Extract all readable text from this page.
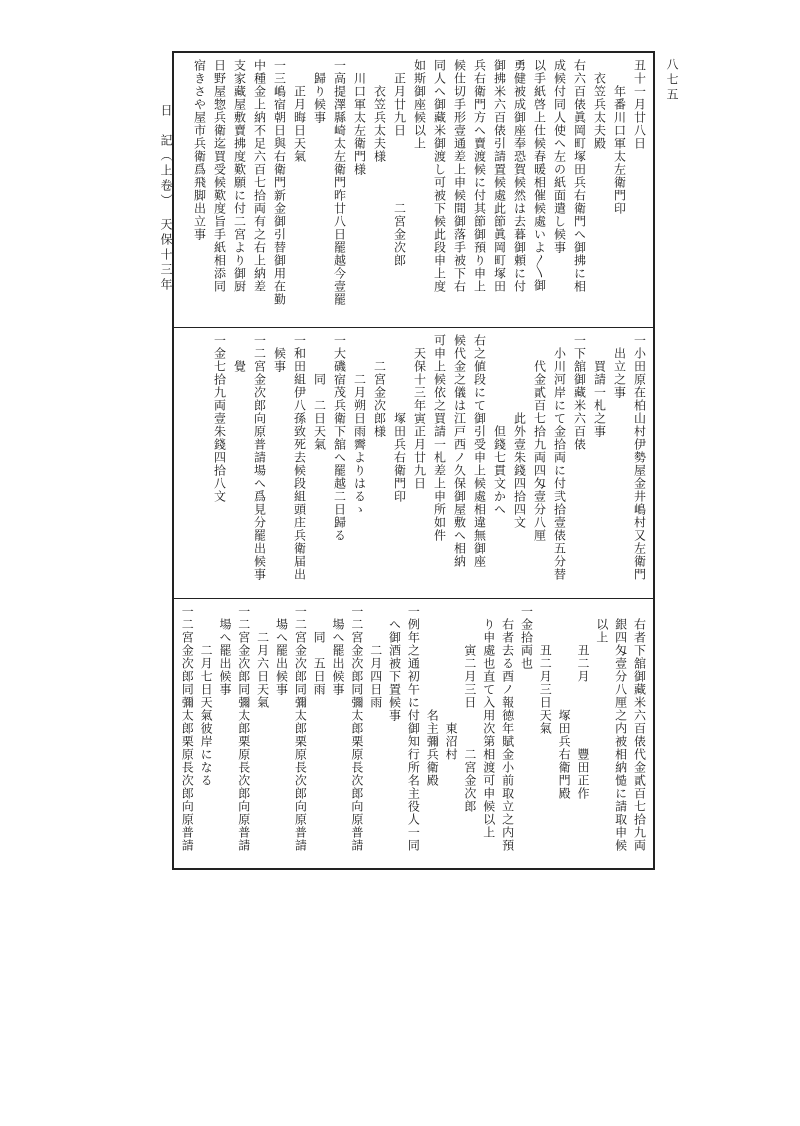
日　記（上卷）　天保十三年
八七五
丑十一月廿八日
　　年番川口軍太左衛門印
　衣笠兵太夫殿
右六百俵眞岡町塚田兵右衛門へ御拂に相
成候付同人使へ左の紙面遣し候事
以手紙啓上仕候春暖相催候處いよ〳〵御
勇健被成御座奉恐賀候然は去暮御頼に付
御拂米六百俵引請置候處此節眞岡町塚田
兵右衛門方へ賣渡候に付其節御預り申上
候仕切手形壹通差上申候間御落手被下右
同人へ御藏米御渡し可被下候此段申上度
如斯御座候以上
　正月廿九日　　　　　二宮金次郎
　　衣笠兵太夫様
　川口軍太左衛門様
一高提澤縣崎太左衛門昨廿八日罷越今壹罷
　歸り候事
　　正月晦日天氣
一三嶋宿朝日與右衛門新金御引替御用在勤
中種金上納不足六百七拾両有之右上納差
支家藏屋敷賣拂度歎願に付二宮より御厨
日野屋惣兵衛迄買受候歎度旨手紙相添同
宿きさや屋市兵衛爲飛脚出立事
一小田原在柏山村伊勢屋金井嶋村又左衛門
　出立之事
　　買請一札之事
一下舘御藏米六百俵
　小川河岸にて金拾両に付弐拾壹俵五分替
　　代金貳百七拾九両四匁壹分八厘
　　　　　　此外壹朱錢四拾四文
　　　　　　　但錢七貫文かへ
右之値段にて御引受申上候處相違無御座
候代金之儀は江戸西ノ久保御屋敷へ相納
可申上候依之買請一札差上申所如件
　天保十三年寅正月廿九日
　　　　　　塚田兵右衛門印
　　二宮金次郎様
　　　二月朔日雨霽よりはるゝ
一大磯宿茂兵衛下舘へ罷越二日歸る
　　　同　二日天氣
一和田組伊八孫致死去候段組頭庄兵衛届出
　候事
一二宮金次郎向原普請場へ爲見分罷出候事
　　覺
一金七拾九両壹朱錢四拾八文
　右者下舘御藏米六百俵代金貳百七拾九両
　銀四匁壹分八厘之内被相納慥に請取申候
　以上
　　　丑二月　　　　　豐田正作
　　　　　　　　塚田兵右衛門殿
　　　丑二月三日天氣
一金拾両也
　右者去る酉ノ報徳年賦金小前取立之内預
　り申處也直て入用次第相渡可申候以上
　　　寅二月三日　　　二宮金次郎
　　　　　　　　　東沼村
　　　　　　　　名主彌兵衛殿
一例年之通初午に付御知行所名主役人一同
　へ御酒被下置候事
　　　二月四日雨
一二宮金次郎同彌太郎栗原長次郎向原普請
　場へ罷出候事
　　同　五日雨
一二宮金次郎同彌太郎栗原長次郎向原普請
　場へ罷出候事
　　二月六日天氣
一二宮金次郎同彌太郎栗原長次郎向原普請
　場へ罷出候事
　　　二月七日天氣彼岸になる
一二宮金次郎同彌太郎栗原長次郎向原普請
